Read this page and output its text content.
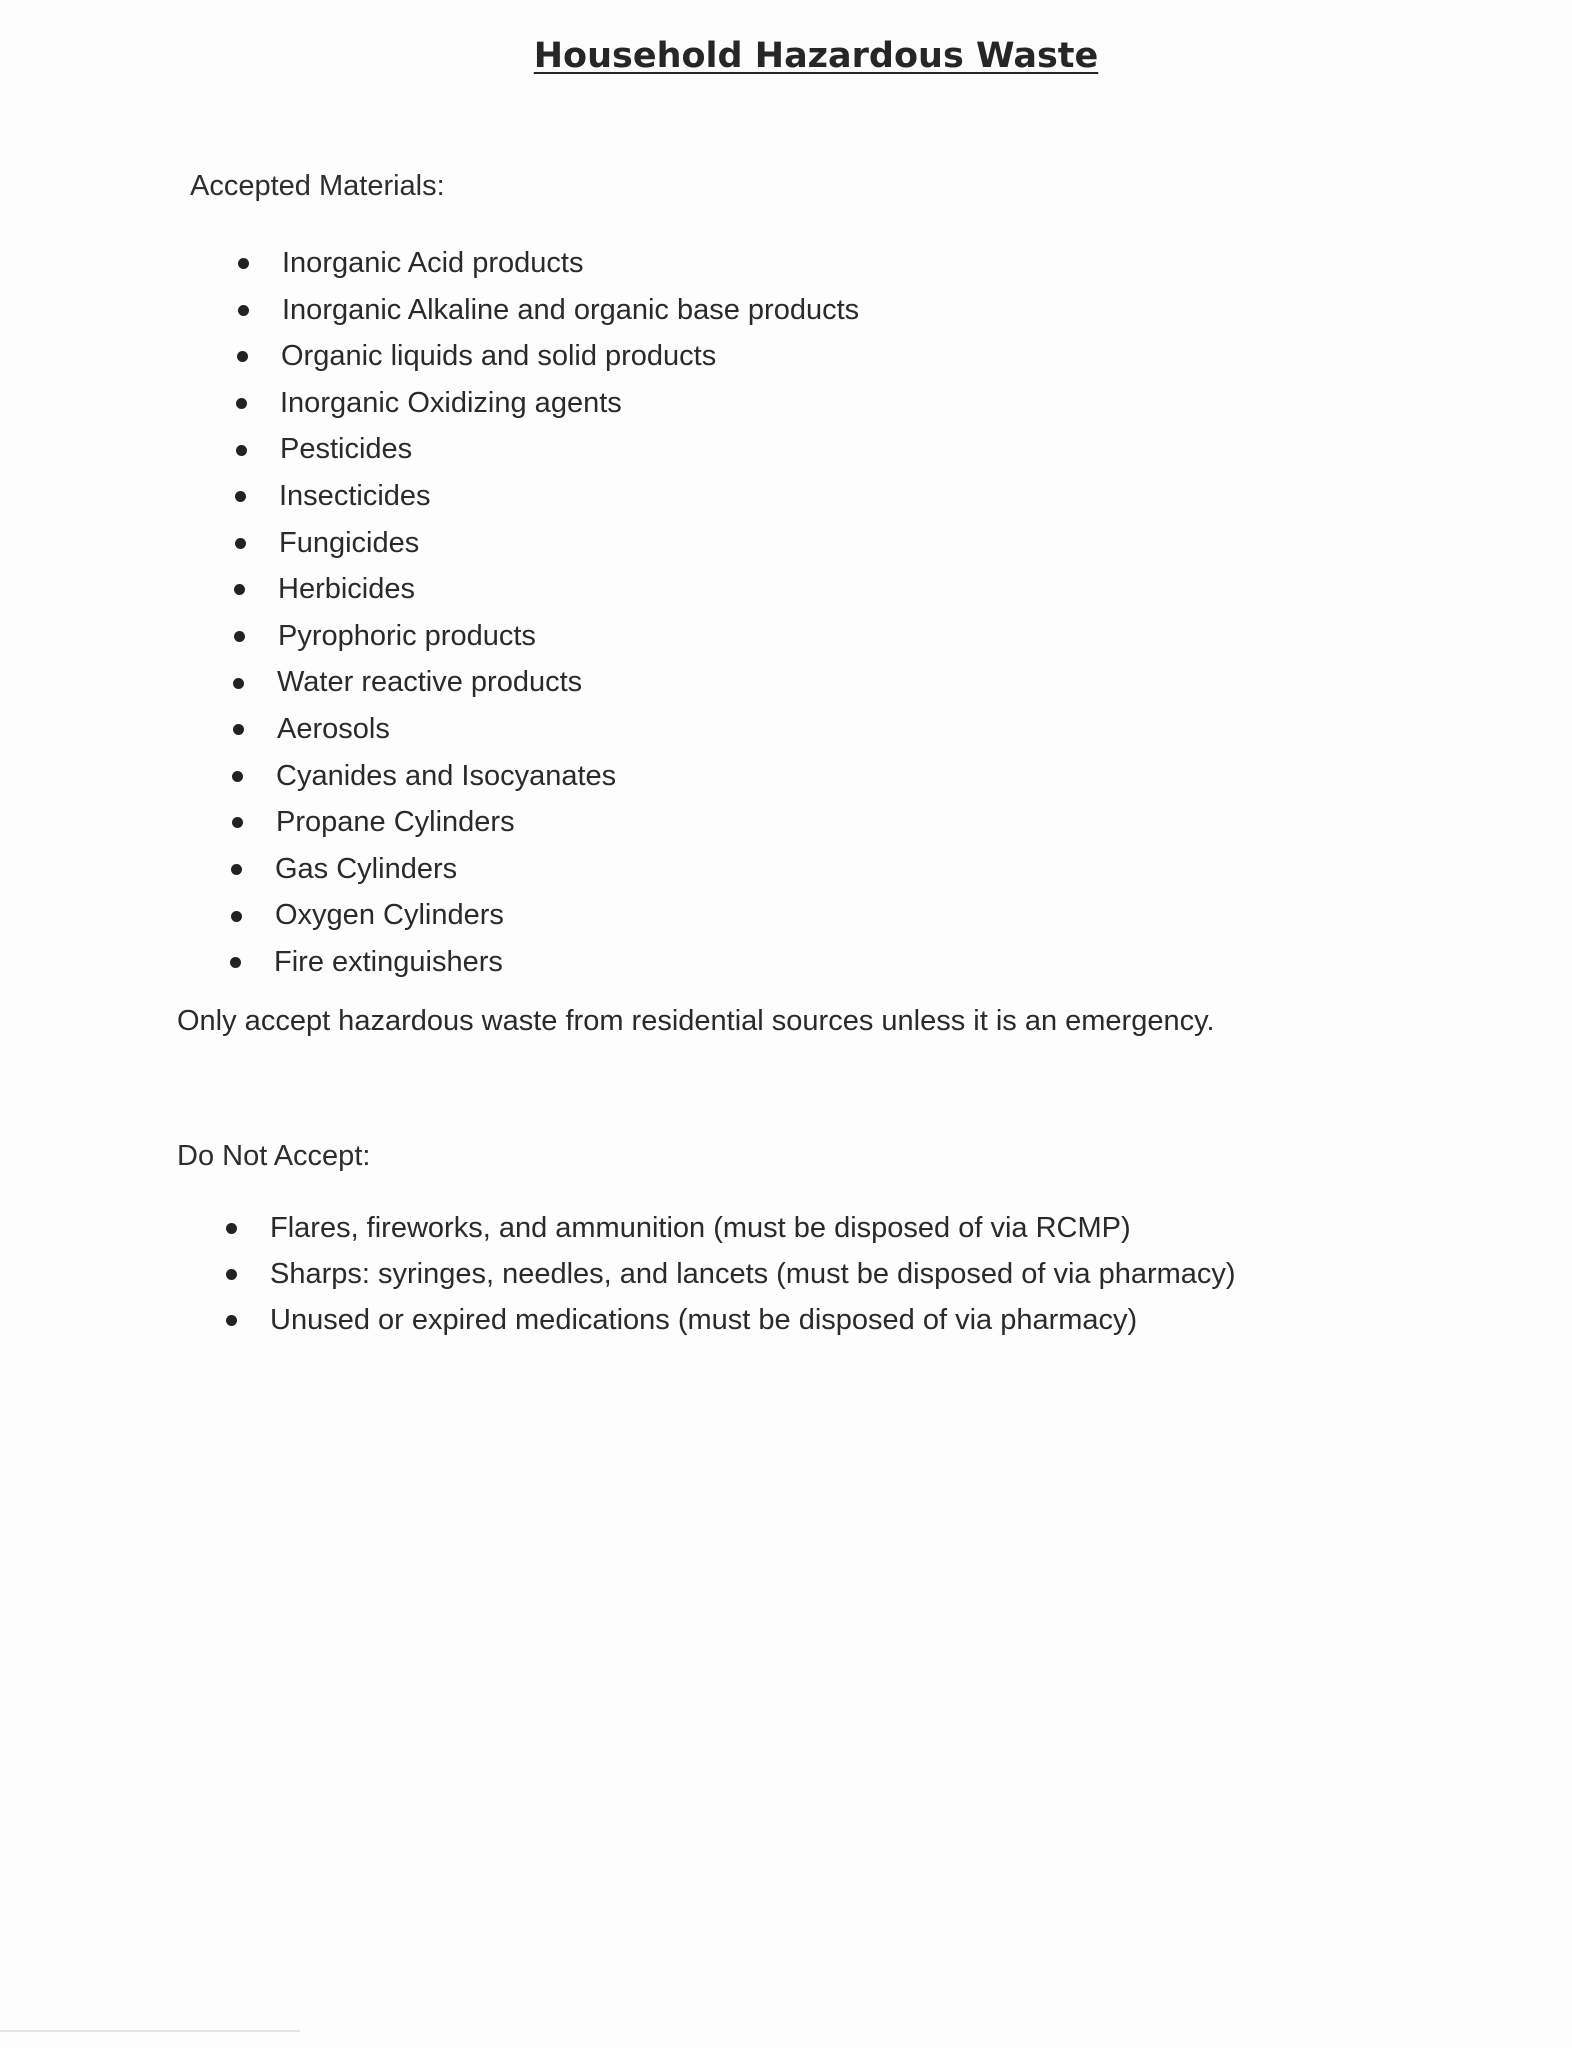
Household Hazardous Waste

Accepted Materials:

Inorganic Acid products
Inorganic Alkaline and organic base products
Organic liquids and solid products
Inorganic Oxidizing agents
Pesticides
Insecticides
Fungicides
Herbicides
Pyrophoric products
Water reactive products
Aerosols
Cyanides and Isocyanates
Propane Cylinders
Gas Cylinders
Oxygen Cylinders
Fire extinguishers

Only accept hazardous waste from residential sources unless it is an emergency.

Do Not Accept:

Flares, fireworks, and ammunition (must be disposed of via RCMP)
Sharps: syringes, needles, and lancets (must be disposed of via pharmacy)
Unused or expired medications (must be disposed of via pharmacy)
